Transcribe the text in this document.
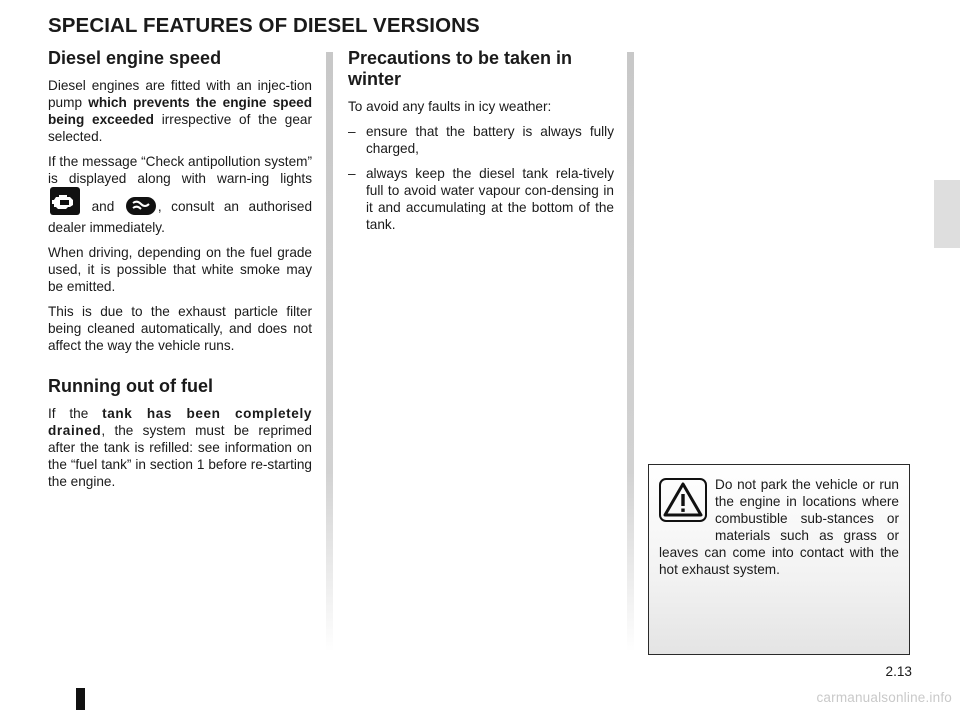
SPECIAL FEATURES OF DIESEL VERSIONS
Diesel engine speed

Diesel engines are fitted with an injec-tion pump which prevents the engine speed being exceeded irrespective of the gear selected.

If the message “Check antipollution system” is displayed along with warn-ing lights  and	, consult an authorised dealer immediately.

When driving, depending on the fuel grade used, it is possible that white smoke may be emitted.

This is due to the exhaust particle filter being cleaned automatically, and does not affect the way the vehicle runs.

Running out of fuel

If the tank has been completely drained, the system must be reprimed after the tank is refilled: see information on the “fuel tank” in section 1 before re-starting the engine.

Precautions to be taken in winter

To avoid any faults in icy weather:

– ensure that the battery is always fully charged,
– always keep the diesel tank rela-tively full to avoid water vapour con-densing in it and accumulating at the bottom of the tank.

Do not park the vehicle or run the engine in locations where combustible sub-stances or materials such as grass or leaves can come into contact with the hot exhaust system.

2.13
carmanualsonline.info
